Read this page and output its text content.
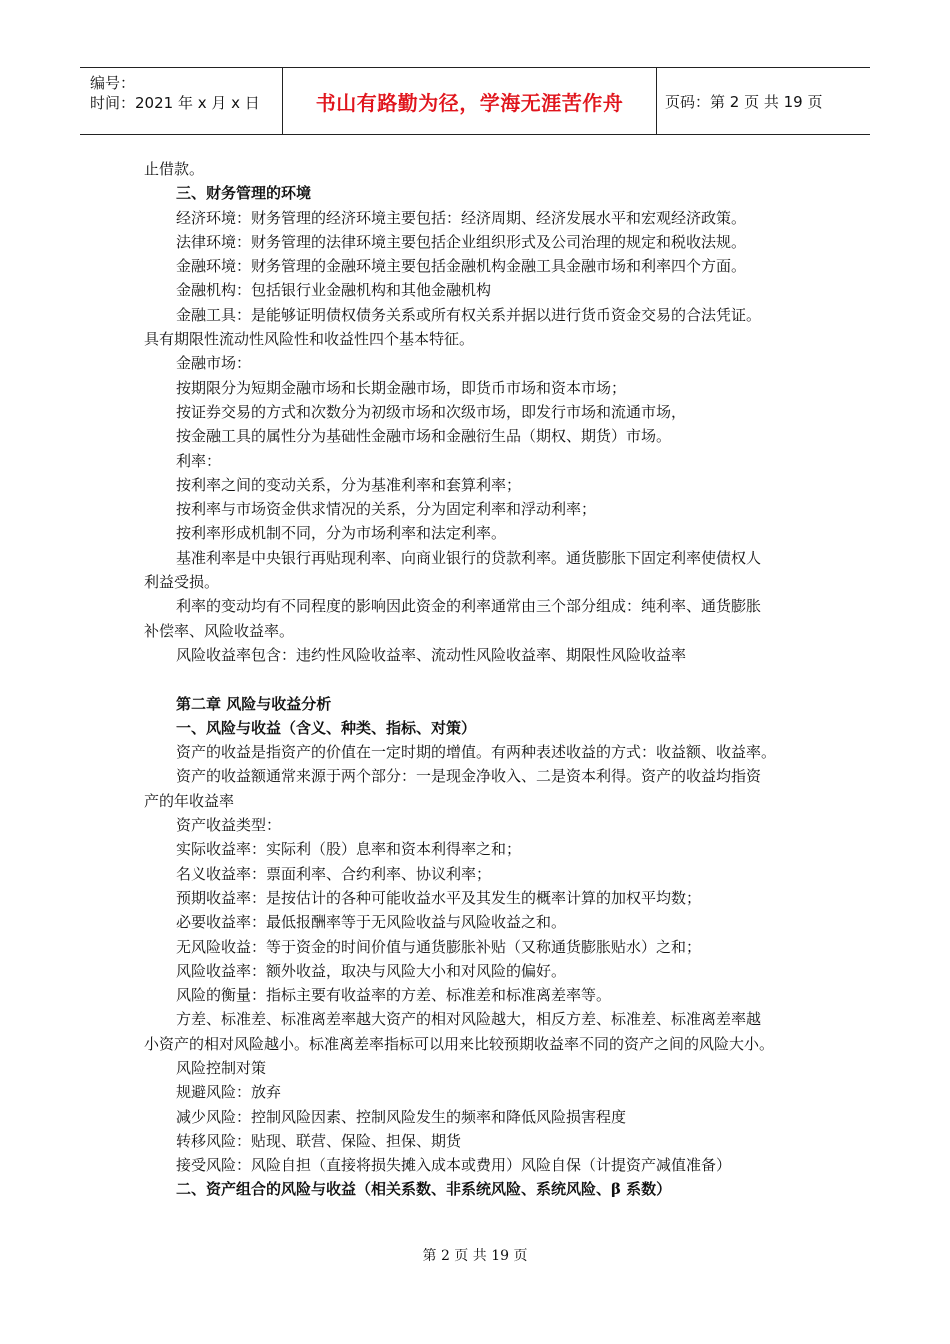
编号：
时间：2021 年 x 月 x 日	书山有路勤为径，学海无涯苦作舟	页码：第 2 页 共 19 页
止借款。
三、财务管理的环境
经济环境：财务管理的经济环境主要包括：经济周期、经济发展水平和宏观经济政策。
法律环境：财务管理的法律环境主要包括企业组织形式及公司治理的规定和税收法规。
金融环境：财务管理的金融环境主要包括金融机构金融工具金融市场和利率四个方面。
金融机构：包括银行业金融机构和其他金融机构
金融工具：是能够证明债权债务关系或所有权关系并据以进行货币资金交易的合法凭证。
具有期限性流动性风险性和收益性四个基本特征。
金融市场：
按期限分为短期金融市场和长期金融市场，即货币市场和资本市场；
按证券交易的方式和次数分为初级市场和次级市场，即发行市场和流通市场，
按金融工具的属性分为基础性金融市场和金融衍生品（期权、期货）市场。
利率：
按利率之间的变动关系，分为基准利率和套算利率；
按利率与市场资金供求情况的关系，分为固定利率和浮动利率；
按利率形成机制不同，分为市场利率和法定利率。
基准利率是中央银行再贴现利率、向商业银行的贷款利率。通货膨胀下固定利率使债权人
利益受损。
利率的变动均有不同程度的影响因此资金的利率通常由三个部分组成：纯利率、通货膨胀
补偿率、风险收益率。
风险收益率包含：违约性风险收益率、流动性风险收益率、期限性风险收益率
第二章 风险与收益分析
一、风险与收益（含义、种类、指标、对策）
资产的收益是指资产的价值在一定时期的增值。有两种表述收益的方式：收益额、收益率。
资产的收益额通常来源于两个部分：一是现金净收入、二是资本利得。资产的收益均指资
产的年收益率
资产收益类型：
实际收益率：实际利（股）息率和资本利得率之和；
名义收益率：票面利率、合约利率、协议利率；
预期收益率：是按估计的各种可能收益水平及其发生的概率计算的加权平均数；
必要收益率：最低报酬率等于无风险收益与风险收益之和。
无风险收益：等于资金的时间价值与通货膨胀补贴（又称通货膨胀贴水）之和；
风险收益率：额外收益，取决与风险大小和对风险的偏好。
风险的衡量：指标主要有收益率的方差、标准差和标准离差率等。
方差、标准差、标准离差率越大资产的相对风险越大，相反方差、标准差、标准离差率越
小资产的相对风险越小。标准离差率指标可以用来比较预期收益率不同的资产之间的风险大小。
风险控制对策
规避风险：放弃
减少风险：控制风险因素、控制风险发生的频率和降低风险损害程度
转移风险：贴现、联营、保险、担保、期货
接受风险：风险自担（直接将损失摊入成本或费用）风险自保（计提资产减值准备）
二、资产组合的风险与收益（相关系数、非系统风险、系统风险、β 系数）
第 2 页 共 19 页
